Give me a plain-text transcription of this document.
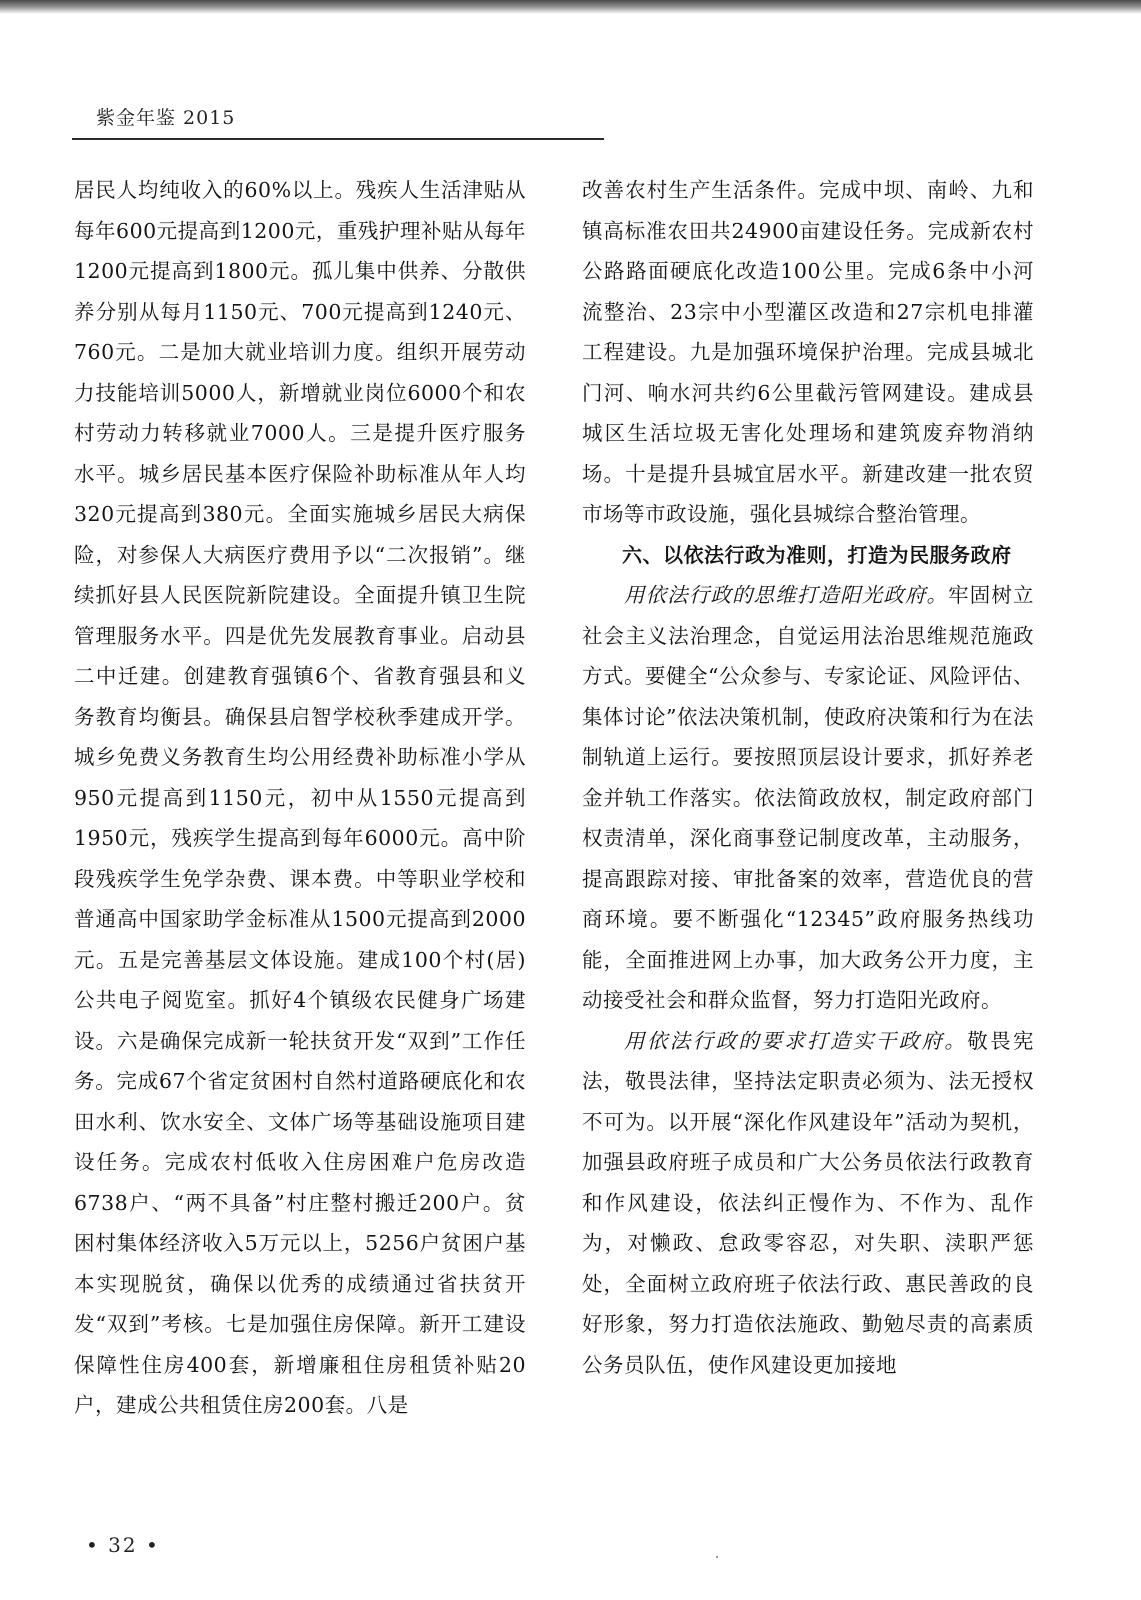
紫金年鉴 2015

居民人均纯收入的60%以上。残疾人生活津贴从每年600元提高到1200元，重残护理补贴从每年1200元提高到1800元。孤儿集中供养、分散供养分别从每月1150元、700元提高到1240元、760元。二是加大就业培训力度。组织开展劳动力技能培训5000人，新增就业岗位6000个和农村劳动力转移就业7000人。三是提升医疗服务水平。城乡居民基本医疗保险补助标准从年人均320元提高到380元。全面实施城乡居民大病保险，对参保人大病医疗费用予以“二次报销”。继续抓好县人民医院新院建设。全面提升镇卫生院管理服务水平。四是优先发展教育事业。启动县二中迁建。创建教育强镇6个、省教育强县和义务教育均衡县。确保县启智学校秋季建成开学。城乡免费义务教育生均公用经费补助标准小学从950元提高到1150元，初中从1550元提高到1950元，残疾学生提高到每年6000元。高中阶段残疾学生免学杂费、课本费。中等职业学校和普通高中国家助学金标准从1500元提高到2000元。五是完善基层文体设施。建成100个村(居)公共电子阅览室。抓好4个镇级农民健身广场建设。六是确保完成新一轮扶贫开发“双到”工作任务。完成67个省定贫困村自然村道路硬底化和农田水利、饮水安全、文体广场等基础设施项目建设任务。完成农村低收入住房困难户危房改造6738户、“两不具备”村庄整村搬迁200户。贫困村集体经济收入5万元以上，5256户贫困户基本实现脱贫，确保以优秀的成绩通过省扶贫开发“双到”考核。七是加强住房保障。新开工建设保障性住房400套，新增廉租住房租赁补贴20户，建成公共租赁住房200套。八是

改善农村生产生活条件。完成中坝、南岭、九和镇高标准农田共24900亩建设任务。完成新农村公路路面硬底化改造100公里。完成6条中小河流整治、23宗中小型灌区改造和27宗机电排灌工程建设。九是加强环境保护治理。完成县城北门河、响水河共约6公里截污管网建设。建成县城区生活垃圾无害化处理场和建筑废弃物消纳场。十是提升县城宜居水平。新建改建一批农贸市场等市政设施，强化县城综合整治管理。

六、以依法行政为准则，打造为民服务政府

用依法行政的思维打造阳光政府。牢固树立社会主义法治理念，自觉运用法治思维规范施政方式。要健全“公众参与、专家论证、风险评估、集体讨论”依法决策机制，使政府决策和行为在法制轨道上运行。要按照顶层设计要求，抓好养老金并轨工作落实。依法简政放权，制定政府部门权责清单，深化商事登记制度改革，主动服务，提高跟踪对接、审批备案的效率，营造优良的营商环境。要不断强化“12345”政府服务热线功能，全面推进网上办事，加大政务公开力度，主动接受社会和群众监督，努力打造阳光政府。

用依法行政的要求打造实干政府。敬畏宪法，敬畏法律，坚持法定职责必须为、法无授权不可为。以开展“深化作风建设年”活动为契机，加强县政府班子成员和广大公务员依法行政教育和作风建设，依法纠正慢作为、不作为、乱作为，对懒政、怠政零容忍，对失职、渎职严惩处，全面树立政府班子依法行政、惠民善政的良好形象，努力打造依法施政、勤勉尽责的高素质公务员队伍，使作风建设更加接地

• 32 •
